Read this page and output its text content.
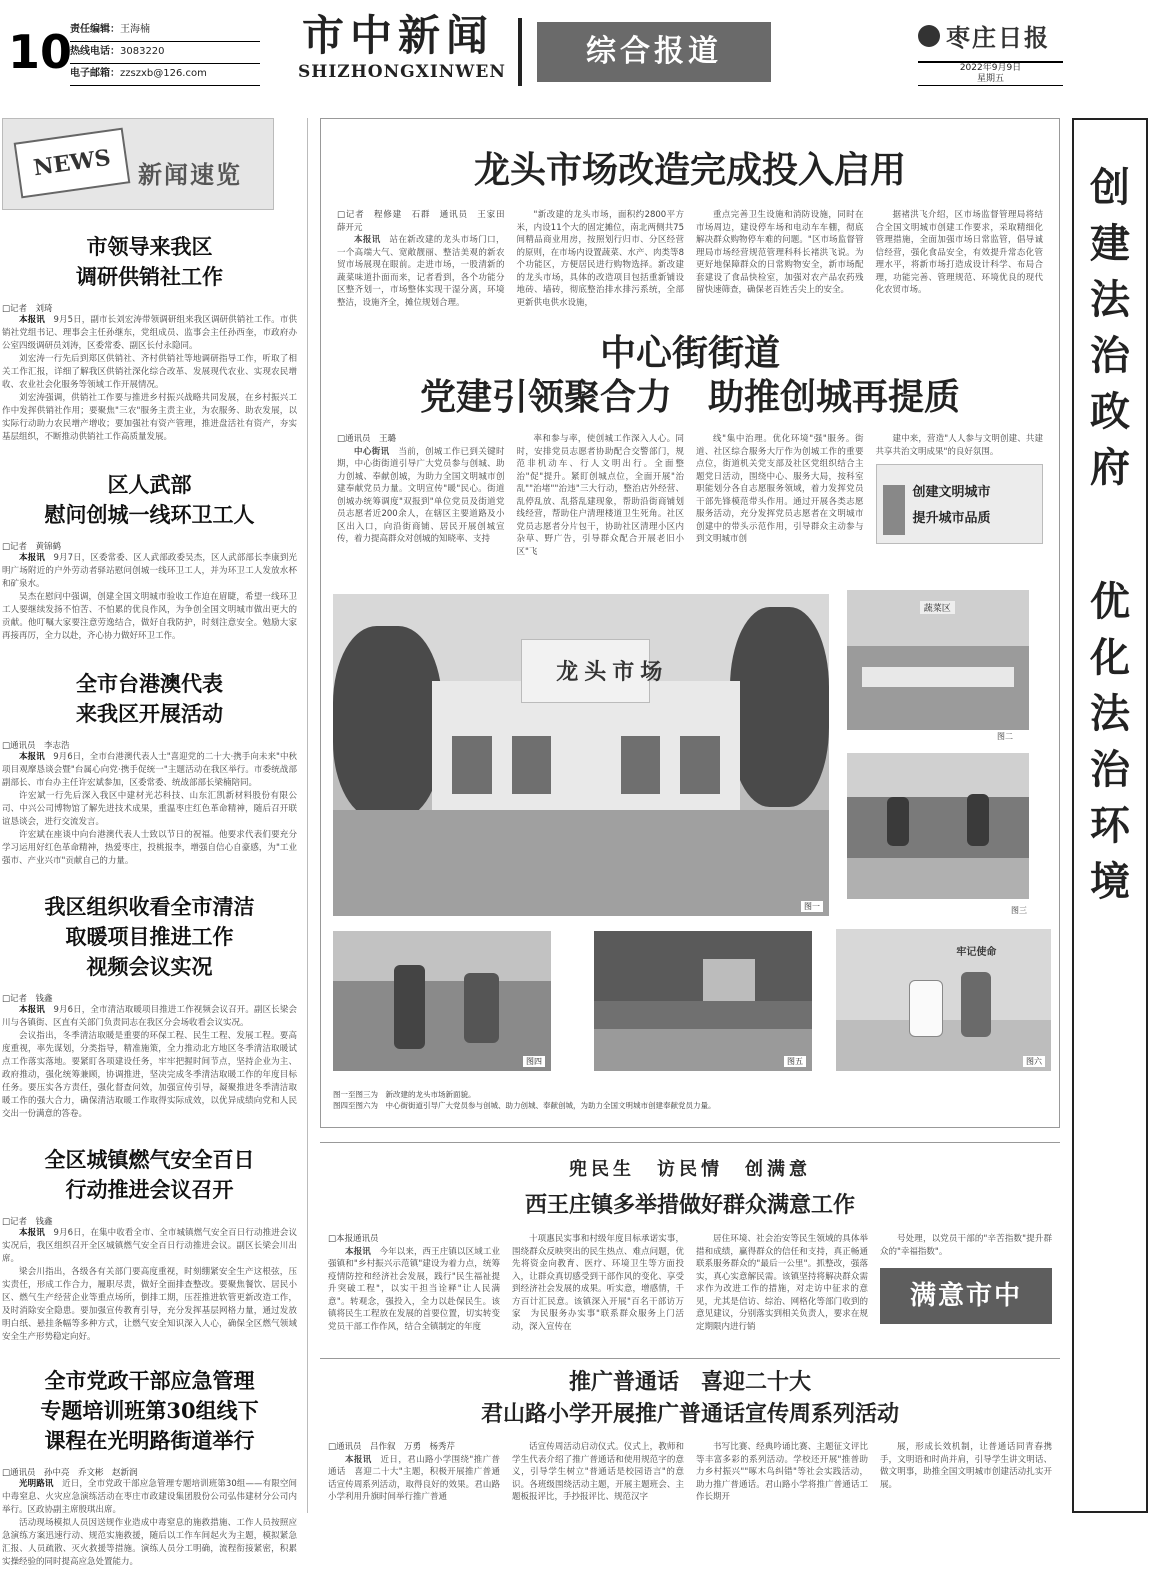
10
责任编辑：王海楠
热线电话：3083220
电子邮箱：zzszxb@126.com
市中新闻
SHIZHONGXINWEN
综合报道	枣庄日报
2022年9月9日
星期五
NEWS	新闻速览
市领导来我区
调研供销社工作
□记者　刘琦

本报讯　 9月5日，副市长刘宏涛带领调研组来我区调研供销社工作。市供销社党组书记、理事会主任孙继东，党组成员、监事会主任孙西奎，市政府办公室四级调研员刘涛，区委常委、副区长付永隐同。

刘宏涛一行先后到郑区供销社、齐村供销社等地调研指导工作，听取了相关工作汇报，详细了解我区供销社深化综合改革、发展现代农业、实现农民增收、农业社会化服务等领域工作开展情况。

刘宏涛强调，供销社工作要与推进乡村振兴战略共同发展，在乡村振兴工作中发挥供销社作用；要聚焦"三农"服务主责主业，为农服务、助农发展，以实际行动助力农民增产增收；要加强社有资产管理，推进盘活社有资产，夯实基层组织，不断推动供销社工作高质量发展。

区人武部
慰问创城一线环卫工人
□记者　黄锦鹤

本报讯　 9月7日，区委常委、区人武部政委吴杰，区人武部部长李康到光明广场附近的户外劳动者驿站慰问创城一线环卫工人，并为环卫工人发放水杯和矿泉水。

吴杰在慰问中强调，创建全国文明城市验收工作迫在眉睫，希望一线环卫工人要继续发扬不怕苦、不怕累的优良作风，为争创全国文明城市做出更大的贡献。他叮嘱大家要注意劳逸结合，做好自我防护，时刻注意安全。勉励大家再接再厉，全力以赴，齐心协力做好环卫工作。

全市台港澳代表
来我区开展活动
□通讯员　李志浩

本报讯　 9月6日，全市台港澳代表人士"喜迎党的二十大·携手向未来"中秋项目观摩恳谈会暨"台属心向党·携手促统一"主题活动在我区举行。市委统战部副部长、市台办主任许宏斌参加，区委常委、统战部部长梁楠陪同。

许宏斌一行先后深入我区中建材光芯科技、山东汇凯新材料股份有限公司、中兴公司博物馆了解先进技术成果，重温枣庄红色革命精神，随后召开联谊恳谈会，进行交流发言。

许宏斌在座谈中向台港澳代表人士致以节日的祝福。他要求代表们要充分学习运用好红色革命精神，热爱枣庄，投桃报李，增强自信心自豪感，为"工业强市、产业兴市"贡献自己的力量。

我区组织收看全市清洁
取暖项目推进工作
视频会议实况
□记者　钱鑫

本报讯　 9月6日，全市清洁取暖项目推进工作视频会议召开。副区长梁会川与各镇街、区直有关部门负责同志在我区分会场收看会议实况。

会议指出，冬季清洁取暖是重要的环保工程、民生工程、发展工程。要高度重视，率先谋划，分类指导，精准施策，全力推动北方地区冬季清洁取暖试点工作落实落地。要紧盯各项建设任务，牢牢把握时间节点，坚持企业为主、政府推动，强化统筹兼顾，协调推进，坚决完成冬季清洁取暖工作的年度目标任务。要压实各方责任，强化督查问效，加强宣传引导，凝聚推进冬季清洁取暖工作的强大合力，确保清洁取暖工作取得实际成效，以优异成绩向党和人民交出一份满意的答卷。

全区城镇燃气安全百日
行动推进会议召开
□记者　钱鑫

本报讯　 9月6日，在集中收看全市、全市城镇燃气安全百日行动推进会议实况后，我区组织召开全区城镇燃气安全百日行动推进会议。副区长梁会川出席。

梁会川指出，各级各有关部门要高度重视，时刻绷紧安全生产这根弦，压实责任，形成工作合力，履职尽责，做好全面排查整改。要聚焦餐饮、居民小区、燃气生产经营企业等重点场所，倒排工期，压茬推进软管更新改造工作，及时消除安全隐患。要加强宣传教育引导，充分发挥基层网格力量，通过发放明白纸、悬挂条幅等多种方式，让燃气安全知识深入人心，确保全区燃气领域安全生产形势稳定向好。

全市党政干部应急管理
专题培训班第30组线下
课程在光明路街道举行
□通讯员　孙中亮　乔文彬　赵新润

光明路讯　 近日，全市党政干部应急管理专题培训班第30组——有限空间中毒窒息、火灾应急演练活动在枣庄市政建设集团股份公司弘伟建材分公司内举行。区政协副主席殷琪出席。

活动现场模拟人员因送规作业造成中毒窒息的施救措施、工作人员按照应急演练方案迅速行动、规范实施救援，随后以工作车间起火为主题，模拟紧急汇报、人员疏散、灭火救援等措施。演练人员分工明确，流程衔接紧密，积累实操经验的同时提高应急处置能力。

龙头市场改造完成投入启用
□记者　程修建　石群　通讯员　王家田　薛开元

本报讯　 站在新改建的龙头市场门口，一个高端大气、宽敞靓丽、整洁美观的新农贸市场展现在眼前。走进市场，一股清新的蔬菜味道扑面而来，记者看到，各个功能分区整齐划一，市场整体实现干湿分离，环境整洁，设施齐全，摊位规划合理。

"新改建的龙头市场，面积约2800平方米，内设11个大的固定摊位，南北两侧共75间精品商业用房，按照划行归市、分区经营的原则，在市场内设置蔬菜、水产、肉类等8个功能区，方便居民进行购物选择。新改建的龙头市场，具体的改造项目包括重新铺设地砖、墙砖，彻底整治排水排污系统，全部更新供电供水设施，

重点完善卫生设施和消防设施，同时在市场周边，建设停车场和电动车车棚，彻底解决群众购物停车难的问题。"区市场监督管理局市场经营规范管理科科长褚洪飞说。为更好地保障群众的日常购物安全，新市场配套建设了食品快检室，加强对农产品农药残留快速筛查，确保老百姓舌尖上的安全。

据褚洪飞介绍，区市场监督管理局将结合全国文明城市创建工作要求，采取精细化管理措施，全面加强市场日常监管，倡导诚信经营，强化食品安全，有效提升常态化管理水平，将新市场打造成设计科学、布局合理，功能完善、管理规范、环境优良的现代化农贸市场。

中心街街道
党建引领聚合力　助推创城再提质
□通讯员　王璐

中心街讯　 当前，创城工作已到关键时期，中心街街道引导广大党员参与创城、助力创城、奉献创城，为助力全国文明城市创建奉献党员力量。文明宣传"暖"民心。街道创城办统筹调度"双报到"单位党员及街道党员志愿者近200余人，在辖区主要道路及小区出入口，向沿街商铺、居民开展创城宣传，着力提高群众对创城的知晓率、支持

率和参与率，使创城工作深入人心。同时，安排党员志愿者协助配合交警部门，规范非机动车、行人文明出行。全面整治"促"提升。紧盯创城点位，全面开展"治乱""治堵""治违"三大行动，整治店外经营、乱停乱放、乱搭乱建现象，帮助沿街商铺划线经营，帮助住户清理楼道卫生死角。社区党员志愿者分片包干，协助社区清理小区内杂草、野广告，引导群众配合开展老旧小区"飞

线"集中治理。优化环境"强"服务。街道、社区综合服务大厅作为创城工作的重要点位，街道机关党支部及社区党组织结合主题党日活动，围绕中心、服务大局，按科室职能划分各自志愿服务领域，着力发挥党员干部先锋模范带头作用。通过开展各类志愿服务活动，充分发挥党员志愿者在文明城市创建中的带头示范作用，引导群众主动参与到文明城市创

建中来，营造"人人参与文明创建、共建共享共治文明成果"的良好氛围。

创建文明城市
提升城市品质
龙头市场
图一
蔬菜区
图二
图三
图四	图五
牢记使命
图六
图一至图三为　新改建的龙头市场新面貌。
图四至图六为　中心街街道引导广大党员参与创城、助力创城、奉献创城，为助力全国文明城市创建奉献党员力量。
兜民生　访民情　创满意
西王庄镇多举措做好群众满意工作
□本报通讯员

本报讯　 今年以来，西王庄镇以区域工业强镇和"乡村振兴示范镇"建设为着力点，统筹疫情防控和经济社会发展，践行"民生福祉提升突破工程"，以实干担当诠释"让人民满意"。转观念，强投入，全力以赴保民生。该镇将民生工程放在发展的首要位置，切实转变党员干部工作作风，结合全镇制定的年度

十项惠民实事和村级年度目标承诺实事，围绕群众反映突出的民生热点、难点问题，优先将资金向教育、医疗、环境卫生等方面投入，让群众真切感受到干部作风的变化、享受到经济社会发展的成果。听实意，增感情，千方百计汇民意。该镇深入开展"百名干部访万家　为民服务办实事"联系群众服务上门活动，深入宣传在

居住环境、社会治安等民生领域的具体举措和成绩，赢得群众的信任和支持，真正畅通联系服务群众的"最后一公里"。抓整改，强落实，真心实意解民需。该镇坚持将解决群众需求作为改进工作的措施，对走访中征求的意见，尤其是信访、综治、网格化等部门收到的意见建议，分别落实到相关负责人，要求在规定期限内进行销

号处理，以党员干部的"辛苦指数"提升群众的"幸福指数"。

满意市中
推广普通话　喜迎二十大
君山路小学开展推广普通话宣传周系列活动
□通讯员　吕作叙　万勇　杨秀芹

本报讯　 近日，君山路小学围绕"推广普通话　喜迎二十大"主题，积极开展推广普通话宣传周系列活动，取得良好的效果。君山路小学利用升旗时间举行推广普通

话宣传周活动启动仪式。仪式上，教师和学生代表介绍了推广普通话和使用规范字的意义，引导学生树立"普通话是校园语言"的意识。各班级围绕活动主题，开展主题班会、主题板报评比，手抄报评比、规范汉字

书写比赛、经典吟诵比赛、主题征文评比等丰富多彩的系列活动。学校还开展"推普助力乡村振兴""啄木鸟纠错"等社会实践活动，助力推广普通话。君山路小学将推广普通话工作长期开

展，形成长效机制，让普通话同青春携手，文明语和时尚并肩，引导学生讲文明话、做文明事，助推全国文明城市创建活动扎实开展。

创
建
法
治
政
府
优
化
法
治
环
境
